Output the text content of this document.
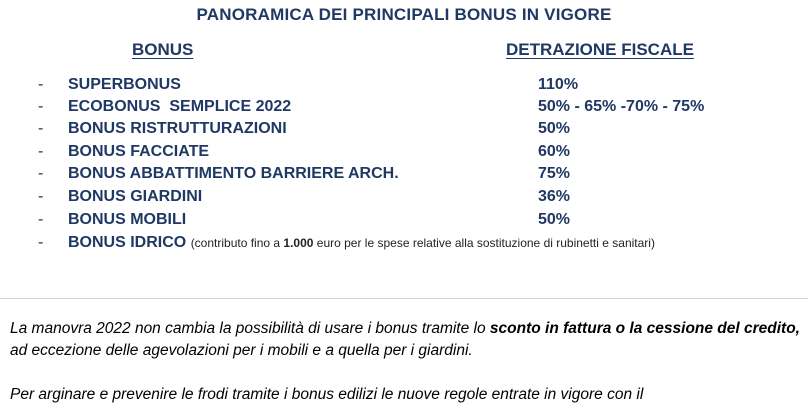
PANORAMICA DEI PRINCIPALI BONUS IN VIGORE
BONUS	DETRAZIONE FISCALE
- SUPERBONUS	110%
- ECOBONUS  SEMPLICE 2022	50% - 65% -70% - 75%
- BONUS RISTRUTTURAZIONI	50%
- BONUS FACCIATE	60%
- BONUS ABBATTIMENTO BARRIERE ARCH.	75%
- BONUS GIARDINI	36%
- BONUS MOBILI	50%
- BONUS IDRICO (contributo fino a 1.000 euro per le spese relative alla sostituzione di rubinetti e sanitari)
La manovra 2022 non cambia la possibilità di usare i bonus tramite lo sconto in fattura o la cessione del credito, ad eccezione delle agevolazioni per i mobili e a quella per i giardini.
Per arginare e prevenire le frodi tramite i bonus edilizi le nuove regole entrate in vigore con il
